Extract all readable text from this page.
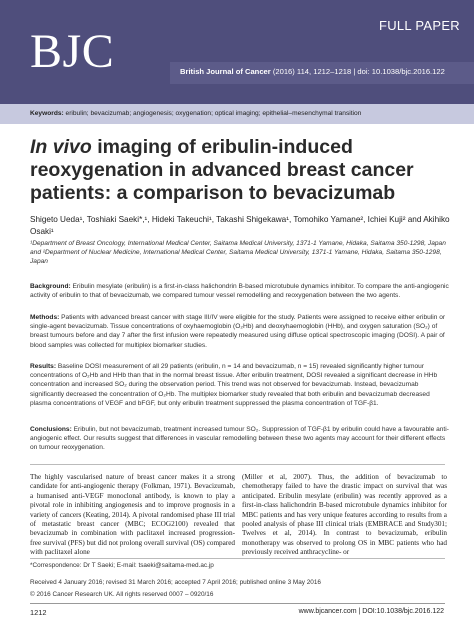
FULL PAPER
BJC	British Journal of Cancer (2016) 114, 1212–1218 | doi: 10.1038/bjc.2016.122
Keywords: eribulin; bevacizumab; angiogenesis; oxygenation; optical imaging; epithelial–mesenchymal transition
In vivo imaging of eribulin-induced reoxygenation in advanced breast cancer patients: a comparison to bevacizumab
Shigeto Ueda¹, Toshiaki Saeki*,¹, Hideki Takeuchi¹, Takashi Shigekawa¹, Tomohiko Yamane², Ichiei Kuji² and Akihiko Osaki¹
¹Department of Breast Oncology, International Medical Center, Saitama Medical University, 1371-1 Yamane, Hidaka, Saitama 350-1298, Japan and ²Department of Nuclear Medicine, International Medical Center, Saitama Medical University, 1371-1 Yamane, Hidaka, Saitama 350-1298, Japan

Background: Eribulin mesylate (eribulin) is a first-in-class halichondrin B-based microtubule dynamics inhibitor. To compare the anti-angiogenic activity of eribulin to that of bevacizumab, we compared tumour vessel remodelling and reoxygenation between the two agents.

Methods: Patients with advanced breast cancer with stage III/IV were eligible for the study. Patients were assigned to receive either eribulin or single-agent bevacizumab. Tissue concentrations of oxyhaemoglobin (O₂Hb) and deoxyhaemoglobin (HHb), and oxygen saturation (SO₂) of breast tumours before and day 7 after the first infusion were repeatedly measured using diffuse optical spectroscopic imaging (DOSI). A pair of blood samples was collected for multiplex biomarker studies.

Results: Baseline DOSI measurement of all 29 patients (eribulin, n = 14 and bevacizumab, n = 15) revealed significantly higher tumour concentrations of O₂Hb and HHb than that in the normal breast tissue. After eribulin treatment, DOSI revealed a significant decrease in HHb concentration and increased SO₂ during the observation period. This trend was not observed for bevacizumab. Instead, bevacizumab significantly decreased the concentration of O₂Hb. The multiplex biomarker study revealed that both eribulin and bevacizumab decreased plasma concentrations of VEGF and bFGF, but only eribulin treatment suppressed the plasma concentration of TGF-β1.

Conclusions: Eribulin, but not bevacizumab, treatment increased tumour SO₂. Suppression of TGF-β1 by eribulin could have a favourable anti-angiogenic effect. Our results suggest that differences in vascular remodelling between these two agents may account for their different effects on tumour reoxygenation.

The highly vascularised nature of breast cancer makes it a strong candidate for anti-angiogenic therapy (Folkman, 1971). Bevacizumab, a humanised anti-VEGF monoclonal antibody, is known to play a pivotal role in inhibiting angiogenesis and to improve prognosis in a variety of cancers (Keating, 2014). A pivotal randomised phase III trial of metastatic breast cancer (MBC; ECOG2100) revealed that bevacizumab in combination with paclitaxel increased progression-free survival (PFS) but did not prolong overall survival (OS) compared with paclitaxel alone

(Miller et al, 2007). Thus, the addition of bevacizumab to chemotherapy failed to have the drastic impact on survival that was anticipated. Eribulin mesylate (eribulin) was recently approved as a first-in-class halichondrin B-based microtubule dynamics inhibitor for MBC patients and has very unique features according to results from a pooled analysis of phase III clinical trials (EMBRACE and Study301; Twelves et al, 2014). In contrast to bevacizumab, eribulin monotherapy was observed to prolong OS in MBC patients who had previously received anthracycline- or

*Correspondence: Dr T Saeki; E-mail: tsaeki@saitama-med.ac.jp
Received 4 January 2016; revised 31 March 2016; accepted 7 April 2016; published online 3 May 2016
© 2016 Cancer Research UK. All rights reserved 0007 – 0920/16
1212	www.bjcancer.com | DOI:10.1038/bjc.2016.122
